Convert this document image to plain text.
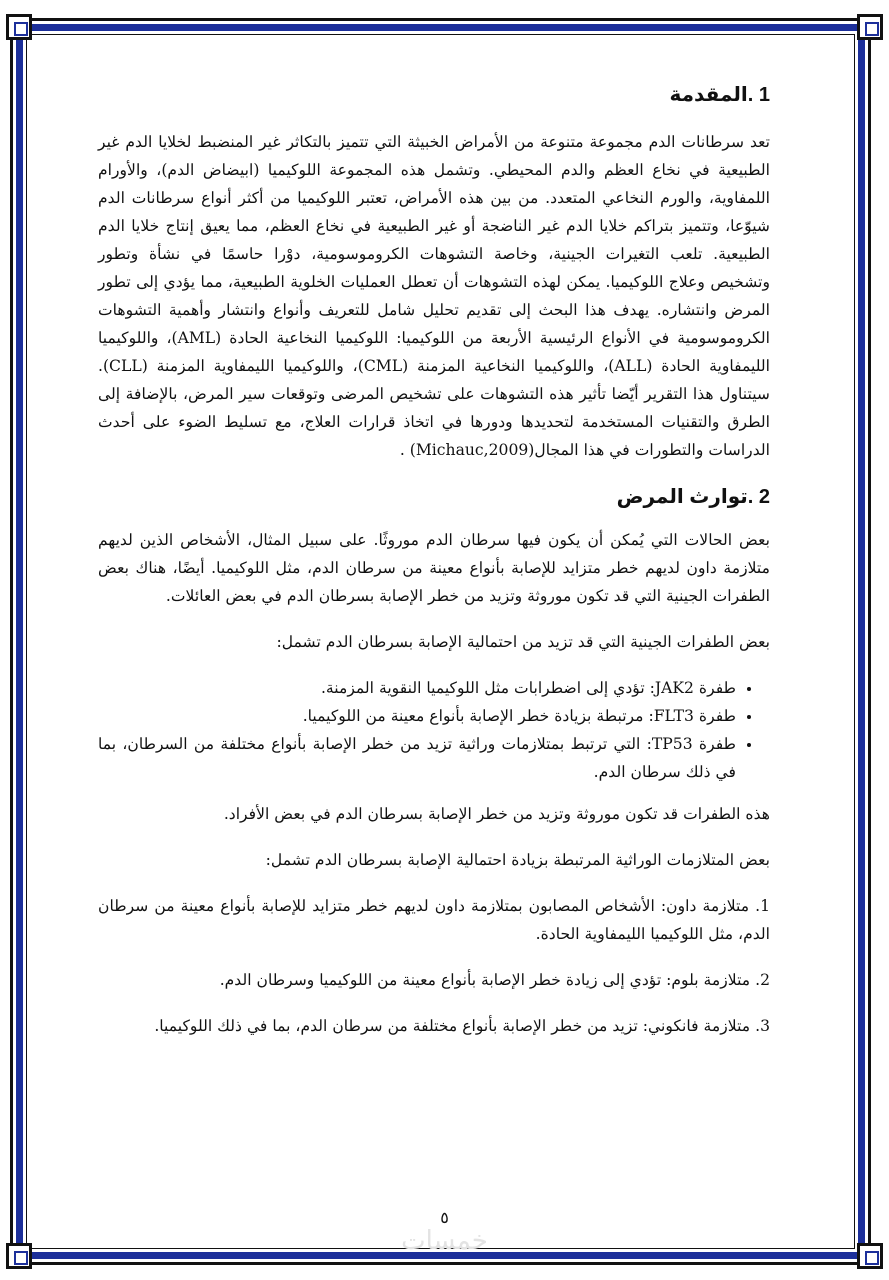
1 .المقدمة

تعد سرطانات الدم مجموعة متنوعة من الأمراض الخبيثة التي تتميز بالتكاثر غير المنضبط لخلايا الدم غير الطبيعية في نخاع العظم والدم المحيطي. وتشمل هذه المجموعة اللوكيميا (ابيضاض الدم)، والأورام اللمفاوية، والورم النخاعي المتعدد. من بين هذه الأمراض، تعتبر اللوكيميا من أكثر أنواع سرطانات الدم شيوّعا، وتتميز بتراكم خلايا الدم غير الناضجة أو غير الطبيعية في نخاع العظم، مما يعيق إنتاج خلايا الدم الطبيعية. تلعب التغيرات الجينية، وخاصة التشوهات الكروموسومية، دوْرا حاسمًا في نشأة وتطور وتشخيص وعلاج اللوكيميا. يمكن لهذه التشوهات أن تعطل العمليات الخلوية الطبيعية، مما يؤدي إلى تطور المرض وانتشاره. يهدف هذا البحث إلى تقديم تحليل شامل للتعريف وأنواع وانتشار وأهمية التشوهات الكروموسومية في الأنواع الرئيسية الأربعة من اللوكيميا: اللوكيميا النخاعية الحادة (AML)، واللوكيميا الليمفاوية الحادة (ALL)، واللوكيميا النخاعية المزمنة (CML)، واللوكيميا الليمفاوية المزمنة (CLL). سيتناول هذا التقرير أيّضا تأثير هذه التشوهات على تشخيص المرضى وتوقعات سير المرض، بالإضافة إلى الطرق والتقنيات المستخدمة لتحديدها ودورها في اتخاذ قرارات العلاج، مع تسليط الضوء على أحدث الدراسات والتطورات في هذا المجال(Michauc,2009) .

2 .توارث المرض

بعض الحالات التي يُمكن أن يكون فيها سرطان الدم موروثًا. على سبيل المثال، الأشخاص الذين لديهم متلازمة داون لديهم خطر متزايد للإصابة بأنواع معينة من سرطان الدم، مثل اللوكيميا. أيضًا، هناك بعض الطفرات الجينية التي قد تكون موروثة وتزيد من خطر الإصابة بسرطان الدم في بعض العائلات.

بعض الطفرات الجينية التي قد تزيد من احتمالية الإصابة بسرطان الدم تشمل:

• طفرة JAK2: تؤدي إلى اضطرابات مثل اللوكيميا النقوية المزمنة.
• طفرة FLT3: مرتبطة بزيادة خطر الإصابة بأنواع معينة من اللوكيميا.
• طفرة TP53: التي ترتبط بمتلازمات وراثية تزيد من خطر الإصابة بأنواع مختلفة من السرطان، بما في ذلك سرطان الدم.

هذه الطفرات قد تكون موروثة وتزيد من خطر الإصابة بسرطان الدم في بعض الأفراد.

بعض المتلازمات الوراثية المرتبطة بزيادة احتمالية الإصابة بسرطان الدم تشمل:

1. متلازمة داون: الأشخاص المصابون بمتلازمة داون لديهم خطر متزايد للإصابة بأنواع معينة من سرطان الدم، مثل اللوكيميا الليمفاوية الحادة.

2. متلازمة بلوم: تؤدي إلى زيادة خطر الإصابة بأنواع معينة من اللوكيميا وسرطان الدم.

3. متلازمة فانكوني: تزيد من خطر الإصابة بأنواع مختلفة من سرطان الدم، بما في ذلك اللوكيميا.

٥
خمسات
